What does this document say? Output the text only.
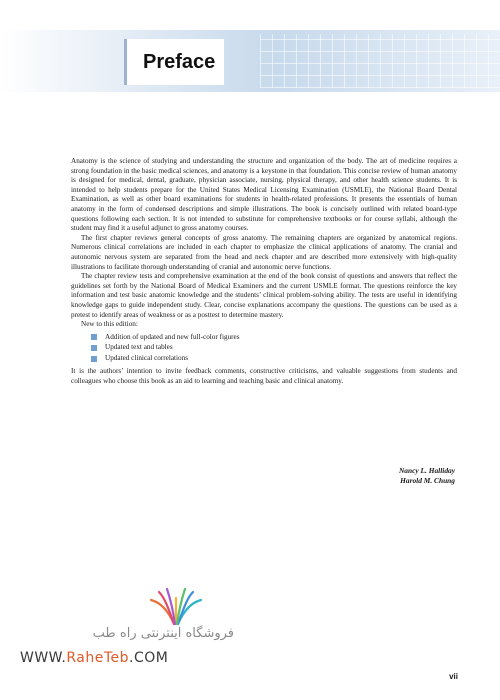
Preface

Anatomy is the science of studying and understanding the structure and organization of the body. The art of medicine requires a strong foundation in the basic medical sciences, and anatomy is a keystone in that foundation. This concise review of human anatomy is designed for medical, dental, graduate, physician associate, nursing, physical therapy, and other health science students. It is intended to help students prepare for the United States Medical Licensing Examination (USMLE), the National Board Dental Examination, as well as other board examinations for students in health-related professions. It presents the essentials of human anatomy in the form of condensed descriptions and simple illustrations. The book is concisely outlined with related board-type questions following each section. It is not intended to substitute for comprehensive textbooks or for course syllabi, although the student may find it a useful adjunct to gross anatomy courses.

The first chapter reviews general concepts of gross anatomy. The remaining chapters are organized by anatomical regions. Numerous clinical correlations are included in each chapter to emphasize the clinical applications of anatomy. The cranial and autonomic nervous system are separated from the head and neck chapter and are described more extensively with high-quality illustrations to facilitate thorough understanding of cranial and autonomic nerve functions.

The chapter review tests and comprehensive examination at the end of the book consist of questions and answers that reflect the guidelines set forth by the National Board of Medical Examiners and the current USMLE format. The questions reinforce the key information and test basic anatomic knowledge and the students’ clinical problem-solving ability. The tests are useful in identifying knowledge gaps to guide independent study. Clear, concise explanations accompany the questions. The questions can be used as a pretest to identify areas of weakness or as a posttest to determine mastery.

New to this edition:

Addition of updated and new full-color figures
Updated text and tables
Updated clinical correlations

It is the authors’ intention to invite feedback comments, constructive criticisms, and valuable suggestions from students and colleagues who choose this book as an aid to learning and teaching basic and clinical anatomy.

Nancy L. Halliday
Harold M. Chung
فروشگاه اینترنتی راه طب
WWW.RaheTeb.COM
vii
